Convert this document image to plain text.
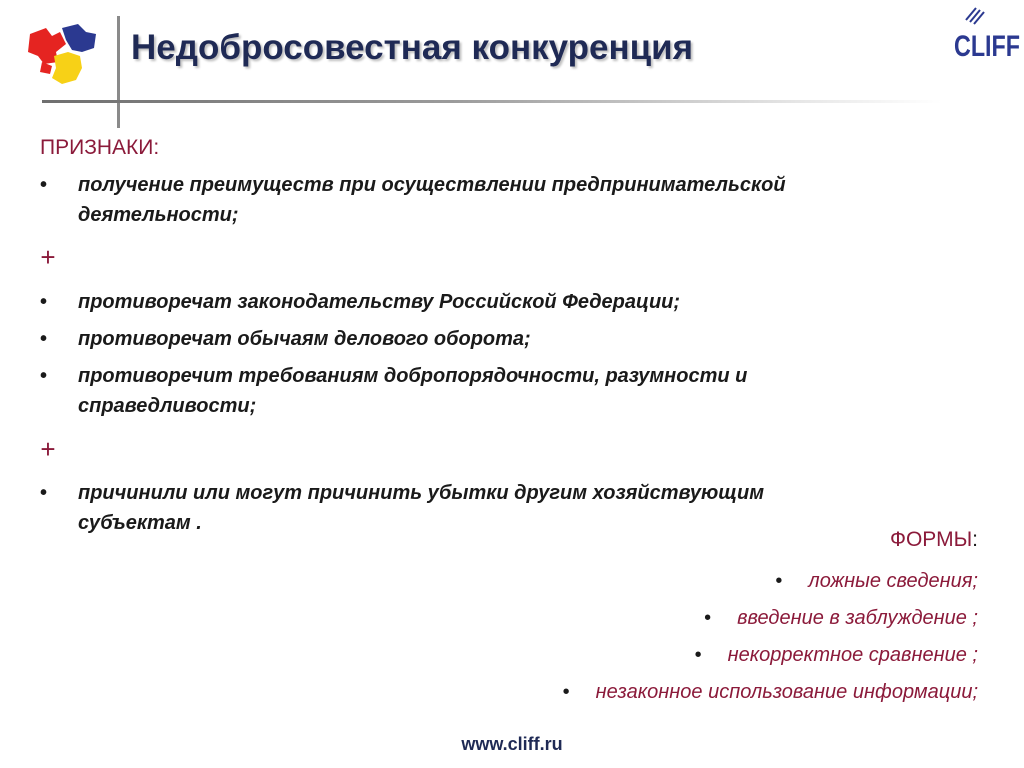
Недобросовестная конкуренция	CLIFF
ПРИЗНАКИ:
• получение преимуществ при осуществлении предпринимательской деятельности;
+
• противоречат законодательству Российской Федерации;
• противоречат обычаям делового оборота;
• противоречит требованиям добропорядочности, разумности и справедливости;
+
• причинили или могут причинить убытки другим хозяйствующим субъектам .
ФОРМЫ:
• ложные сведения;
• введение в заблуждение ;
• некорректное сравнение ;
• незаконное использование информации;
www.cliff.ru
